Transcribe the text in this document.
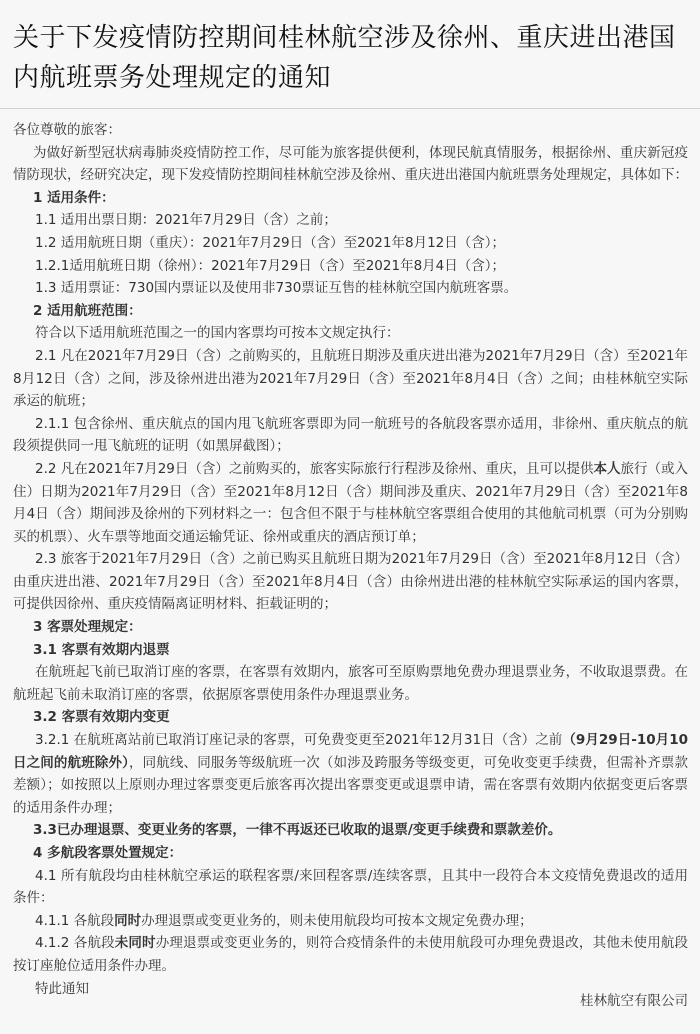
关于下发疫情防控期间桂林航空涉及徐州、重庆进出港国内航班票务处理规定的通知

各位尊敬的旅客：

为做好新型冠状病毒肺炎疫情防控工作，尽可能为旅客提供便利，体现民航真情服务，根据徐州、重庆新冠疫情防现状，经研究决定，现下发疫情防控期间桂林航空涉及徐州、重庆进出港国内航班票务处理规定，具体如下：

1 适用条件：

1.1 适用出票日期：2021年7月29日（含）之前；

1.2 适用航班日期（重庆）：2021年7月29日（含）至2021年8月12日（含）；

1.2.1适用航班日期（徐州）：2021年7月29日（含）至2021年8月4日（含）；

1.3 适用票证：730国内票证以及使用非730票证互售的桂林航空国内航班客票。

2 适用航班范围：

符合以下适用航班范围之一的国内客票均可按本文规定执行：

2.1 凡在2021年7月29日（含）之前购买的，且航班日期涉及重庆进出港为2021年7月29日（含）至2021年8月12日（含）之间，涉及徐州进出港为2021年7月29日（含）至2021年8月4日（含）之间；由桂林航空实际承运的航班；

2.1.1 包含徐州、重庆航点的国内甩飞航班客票即为同一航班号的各航段客票亦适用，非徐州、重庆航点的航段须提供同一甩飞航班的证明（如黑屏截图）；

2.2 凡在2021年7月29日（含）之前购买的，旅客实际旅行行程涉及徐州、重庆，且可以提供本人旅行（或入住）日期为2021年7月29日（含）至2021年8月12日（含）期间涉及重庆、2021年7月29日（含）至2021年8月4日（含）期间涉及徐州的下列材料之一：包含但不限于与桂林航空客票组合使用的其他航司机票（可为分别购买的机票）、火车票等地面交通运输凭证、徐州或重庆的酒店预订单；

2.3 旅客于2021年7月29日（含）之前已购买且航班日期为2021年7月29日（含）至2021年8月12日（含）由重庆进出港、2021年7月29日（含）至2021年8月4日（含）由徐州进出港的桂林航空实际承运的国内客票，可提供因徐州、重庆疫情隔离证明材料、拒载证明的；

3 客票处理规定：

3.1 客票有效期内退票

在航班起飞前已取消订座的客票，在客票有效期内，旅客可至原购票地免费办理退票业务，不收取退票费。在航班起飞前未取消订座的客票，依据原客票使用条件办理退票业务。

3.2 客票有效期内变更

3.2.1 在航班离站前已取消订座记录的客票，可免费变更至2021年12月31日（含）之前（9月29日-10月10日之间的航班除外），同航线、同服务等级航班一次（如涉及跨服务等级变更，可免收变更手续费，但需补齐票款差额）；如按照以上原则办理过客票变更后旅客再次提出客票变更或退票申请，需在客票有效期内依据变更后客票的适用条件办理；

3.3已办理退票、变更业务的客票，一律不再返还已收取的退票/变更手续费和票款差价。

4 多航段客票处置规定：

4.1 所有航段均由桂林航空承运的联程客票/来回程客票/连续客票，且其中一段符合本文疫情免费退改的适用条件：

4.1.1 各航段同时办理退票或变更业务的，则未使用航段均可按本文规定免费办理；

4.1.2 各航段未同时办理退票或变更业务的，则符合疫情条件的未使用航段可办理免费退改，其他未使用航段按订座舱位适用条件办理。

特此通知

桂林航空有限公司
